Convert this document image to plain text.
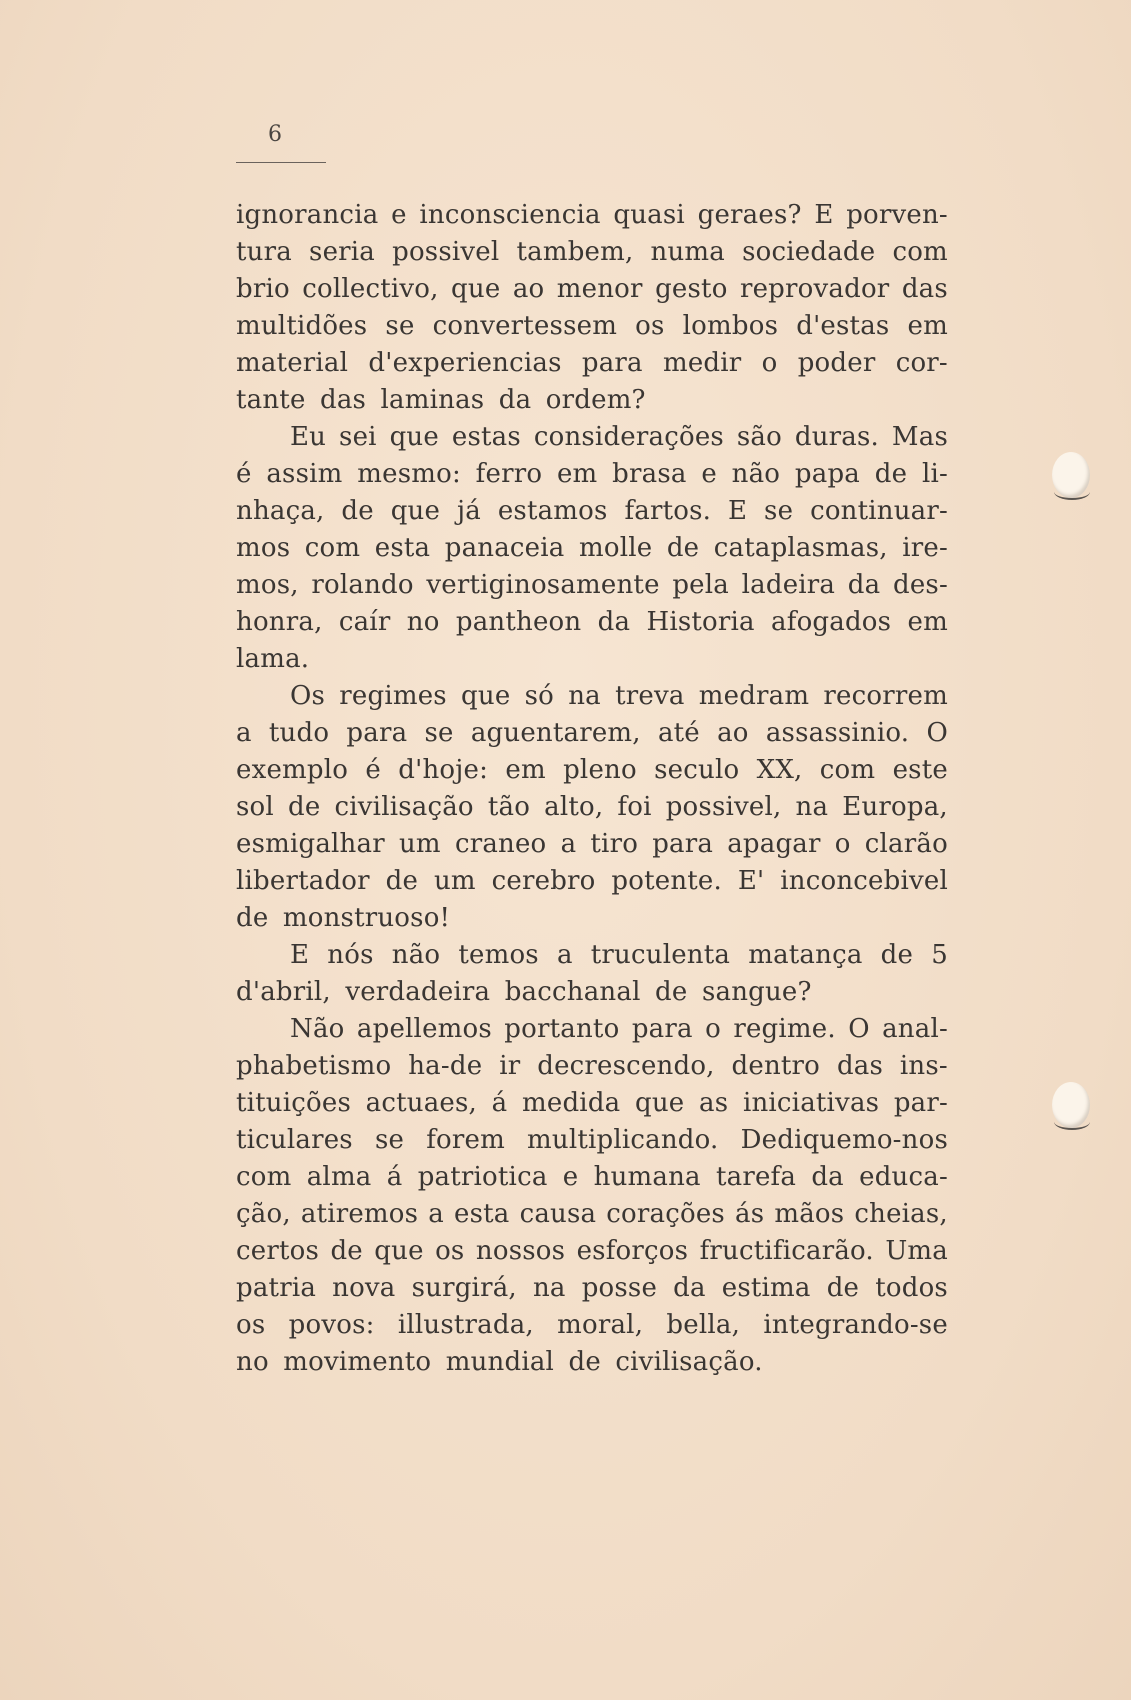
6
ignorancia e inconsciencia quasi geraes? E porven-
tura seria possivel tambem, numa sociedade com
brio collectivo, que ao menor gesto reprovador das
multidões se convertessem os lombos d'estas em
material d'experiencias para medir o poder cor-
tante das laminas da ordem?
Eu sei que estas considerações são duras. Mas
é assim mesmo: ferro em brasa e não papa de li-
nhaça, de que já estamos fartos. E se continuar-
mos com esta panaceia molle de cataplasmas, ire-
mos, rolando vertiginosamente pela ladeira da des-
honra, caír no pantheon da Historia afogados em
lama.
Os regimes que só na treva medram recorrem
a tudo para se aguentarem, até ao assassinio. O
exemplo é d'hoje: em pleno seculo XX, com este
sol de civilisação tão alto, foi possivel, na Europa,
esmigalhar um craneo a tiro para apagar o clarão
libertador de um cerebro potente. E' inconcebivel
de monstruoso!
E nós não temos a truculenta matança de 5
d'abril, verdadeira bacchanal de sangue?
Não apellemos portanto para o regime. O anal-
phabetismo ha-de ir decrescendo, dentro das ins-
tituições actuaes, á medida que as iniciativas par-
ticulares se forem multiplicando. Dediquemo-nos
com alma á patriotica e humana tarefa da educa-
ção, atiremos a esta causa corações ás mãos cheias,
certos de que os nossos esforços fructificarão. Uma
patria nova surgirá, na posse da estima de todos
os povos: illustrada, moral, bella, integrando-se
no movimento mundial de civilisação.
